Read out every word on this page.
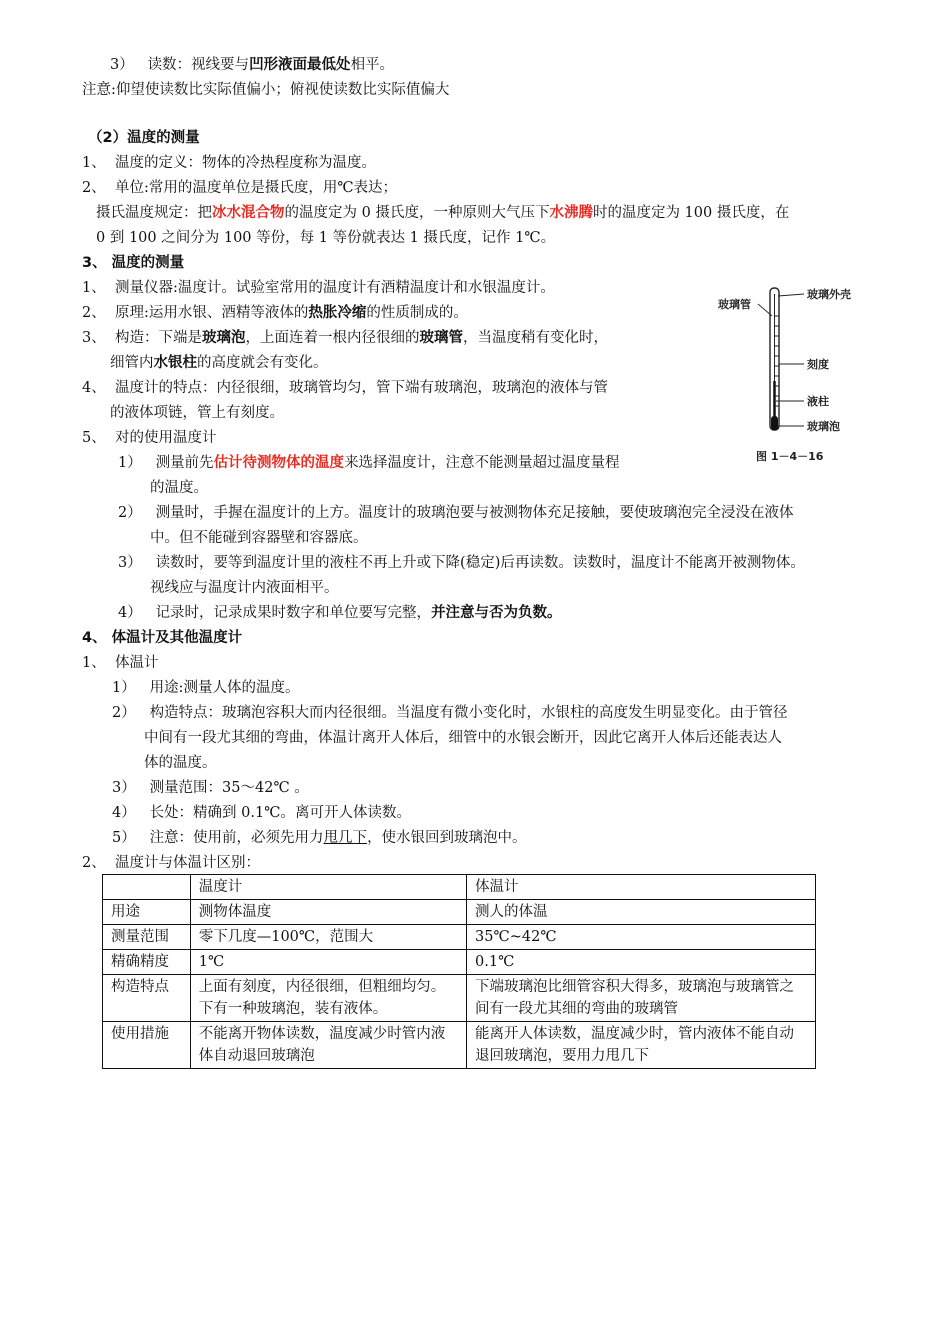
3） 读数：视线要与凹形液面最低处相平。
注意:仰望使读数比实际值偏小；俯视使读数比实际值偏大
（2）温度的测量
1、 温度的定义：物体的冷热程度称为温度。
2、 单位:常用的温度单位是摄氏度，用℃表达；
摄氏温度规定：把冰水混合物的温度定为 0 摄氏度，一种原则大气压下水沸腾时的温度定为 100 摄氏度，在
0 到 100 之间分为 100 等份，每 1 等份就表达 1 摄氏度，记作 1℃。
3、 温度的测量
1、 测量仪器:温度计。试验室常用的温度计有酒精温度计和水银温度计。
2、 原理:运用水银、酒精等液体的热胀冷缩的性质制成的。
3、 构造：下端是玻璃泡，上面连着一根内径很细的玻璃管，当温度稍有变化时，
细管内水银柱的高度就会有变化。
4、 温度计的特点：内径很细，玻璃管均匀，管下端有玻璃泡，玻璃泡的液体与管
的液体项链，管上有刻度。
5、 对的使用温度计
1） 测量前先估计待测物体的温度来选择温度计，注意不能测量超过温度量程
的温度。
2） 测量时，手握在温度计的上方。温度计的玻璃泡要与被测物体充足接触，要使玻璃泡完全浸没在液体
中。但不能碰到容器壁和容器底。
3） 读数时，要等到温度计里的液柱不再上升或下降(稳定)后再读数。读数时，温度计不能离开被测物体。
视线应与温度计内液面相平。
4） 记录时，记录成果时数字和单位要写完整，并注意与否为负数。
玻璃管
玻璃外壳
刻度
液柱
玻璃泡
图 1－4－16
4、 体温计及其他温度计
1、 体温计
1） 用途:测量人体的温度。
2） 构造特点：玻璃泡容积大而内径很细。当温度有微小变化时，水银柱的高度发生明显变化。由于管径
中间有一段尤其细的弯曲，体温计离开人体后，细管中的水银会断开，因此它离开人体后还能表达人
体的温度。
3） 测量范围：35～42℃ 。
4） 长处：精确到 0.1℃。离可开人体读数。
5） 注意：使用前，必须先用力甩几下，使水银回到玻璃泡中。
2、 温度计与体温计区别：
	温度计	体温计
用途	测物体温度	测人的体温
测量范围	零下几度—100℃，范围大	35℃~42℃
精确精度	1℃	0.1℃
构造特点	上面有刻度，内径很细，但粗细均匀。下有一种玻璃泡，装有液体。	下端玻璃泡比细管容积大得多，玻璃泡与玻璃管之间有一段尤其细的弯曲的玻璃管
使用措施	不能离开物体读数，温度减少时管内液体自动退回玻璃泡	能离开人体读数，温度减少时，管内液体不能自动退回玻璃泡，要用力甩几下
